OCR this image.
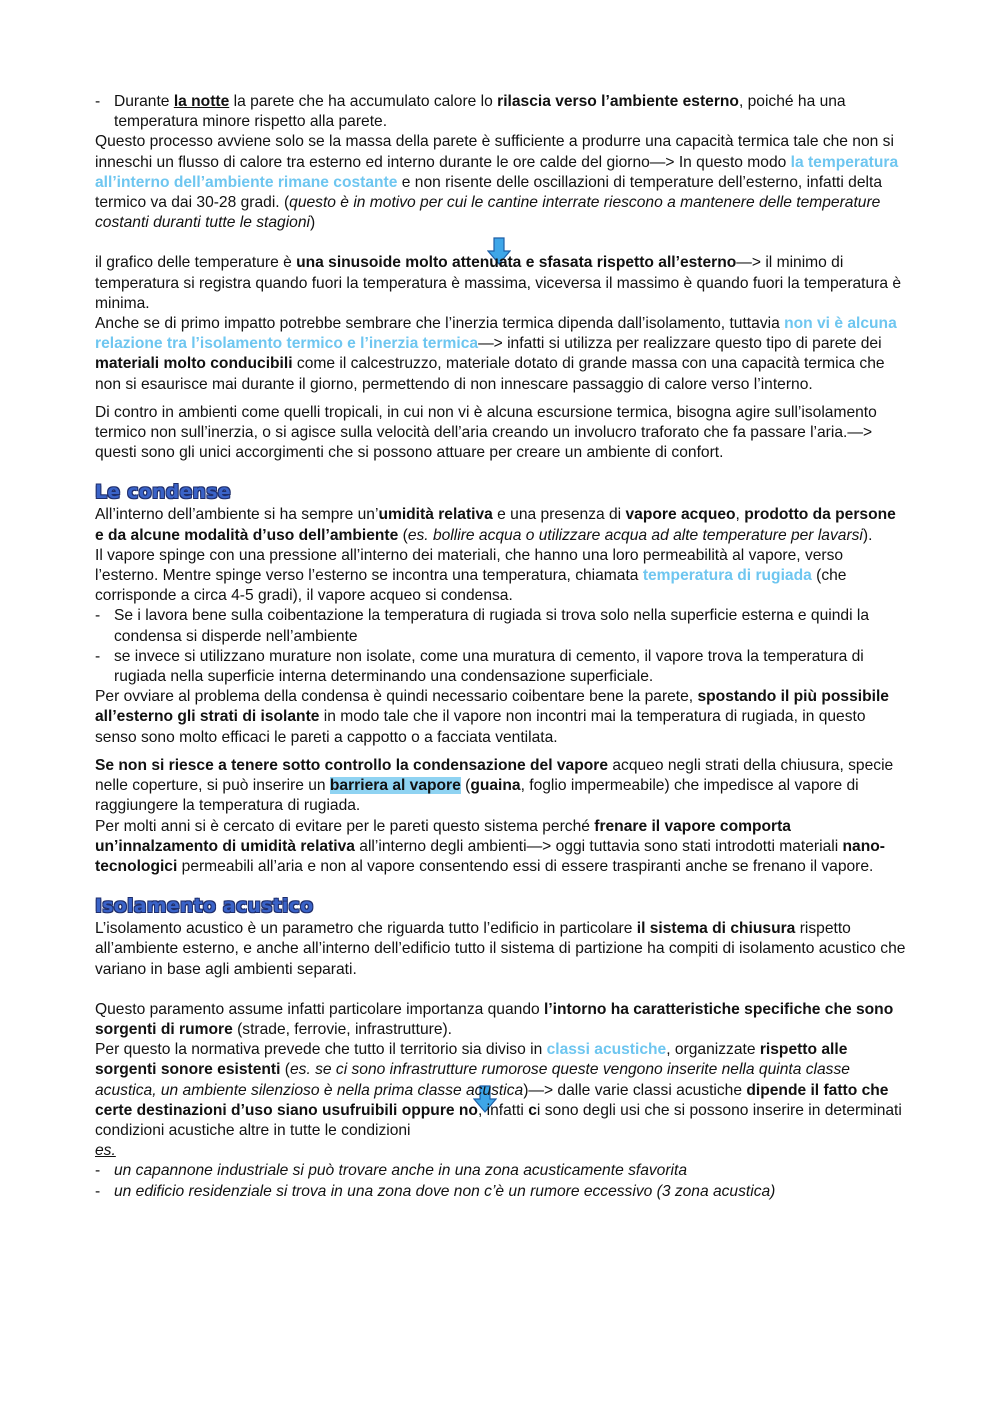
- Durante la notte la parete che ha accumulato calore lo rilascia verso l’ambiente esterno, poiché ha una temperatura minore rispetto alla parete.

Questo processo avviene solo se la massa della parete è sufficiente a produrre una capacità termica tale che non si inneschi un flusso di calore tra esterno ed interno durante le ore calde del giorno—> In questo modo la temperatura all’interno dell’ambiente rimane costante e non risente delle oscillazioni di temperature dell’esterno, infatti delta termico va dai 30-28 gradi. (questo è in motivo per cui le cantine interrate riescono a mantenere delle temperature costanti duranti tutte le stagioni)

il grafico delle temperature è una sinusoide molto attenuata e sfasata rispetto all’esterno—> il minimo di temperatura si registra quando fuori la temperatura è massima, viceversa il massimo è quando fuori la temperatura è minima.

Anche se di primo impatto potrebbe sembrare che l’inerzia termica dipenda dall’isolamento, tuttavia non vi è alcuna relazione tra l’isolamento termico e l’inerzia termica—> infatti si utilizza per realizzare questo tipo di parete dei materiali molto conducibili come il calcestruzzo, materiale dotato di grande massa con una capacità termica che non si esaurisce mai durante il giorno, permettendo di non innescare passaggio di calore verso l’interno.

Di contro in ambienti come quelli tropicali, in cui non vi è alcuna escursione termica, bisogna agire sull’isolamento termico non sull’inerzia, o si agisce sulla velocità dell’aria creando un involucro traforato che fa passare l’aria.—> questi sono gli unici accorgimenti che si possono attuare per creare un ambiente di confort.

Le condense

All’interno dell’ambiente si ha sempre un’umidità relativa e una presenza di vapore acqueo, prodotto da persone e da alcune modalità d’uso dell’ambiente (es. bollire acqua o utilizzare acqua ad alte temperature per lavarsi).

Il vapore spinge con una pressione all’interno dei materiali, che hanno una loro permeabilità al vapore, verso l’esterno. Mentre spinge verso l’esterno se incontra una temperatura, chiamata temperatura di rugiada (che corrisponde a circa 4-5 gradi), il vapore acqueo si condensa.

- Se i lavora bene sulla coibentazione la temperatura di rugiada si trova solo nella superficie esterna e quindi la condensa si disperde nell’ambiente

- se invece si utilizzano murature non isolate, come una muratura di cemento, il vapore trova la temperatura di rugiada nella superficie interna determinando una condensazione superficiale.

Per ovviare al problema della condensa è quindi necessario coibentare bene la parete, spostando il più possibile all’esterno gli strati di isolante in modo tale che il vapore non incontri mai la temperatura di rugiada, in questo senso sono molto efficaci le pareti a cappotto o a facciata ventilata.

Se non si riesce a tenere sotto controllo la condensazione del vapore acqueo negli strati della chiusura, specie nelle coperture, si può inserire un barriera al vapore (guaina, foglio impermeabile) che impedisce al vapore di raggiungere la temperatura di rugiada.

Per molti anni si è cercato di evitare per le pareti questo sistema perché frenare il vapore comporta un’innalzamento di umidità relativa all’interno degli ambienti—> oggi tuttavia sono stati introdotti materiali nano-tecnologici permeabili all’aria e non al vapore consentendo essi di essere traspiranti anche se frenano il vapore.

Isolamento acustico

L’isolamento acustico è un parametro che riguarda tutto l’edificio in particolare il sistema di chiusura rispetto all’ambiente esterno, e anche all’interno dell’edificio tutto il sistema di partizione ha compiti di isolamento acustico che variano in base agli ambienti separati.

Questo paramento assume infatti particolare importanza quando l’intorno ha caratteristiche specifiche che sono sorgenti di rumore (strade, ferrovie, infrastrutture).

Per questo la normativa prevede che tutto il territorio sia diviso in classi acustiche, organizzate rispetto alle sorgenti sonore esistenti (es. se ci sono infrastrutture rumorose queste vengono inserite nella quinta classe acustica, un ambiente silenzioso è nella prima classe acustica)—> dalle varie classi acustiche dipende il fatto che certe destinazioni d’uso siano usufruibili oppure no, infatti ci sono degli usi che si possono inserire in determinati condizioni acustiche altre in tutte le condizioni

es.

- un capannone industriale si può trovare anche in una zona acusticamente sfavorita

- un edificio residenziale si trova in una zona dove non c’è un rumore eccessivo (3 zona acustica)
